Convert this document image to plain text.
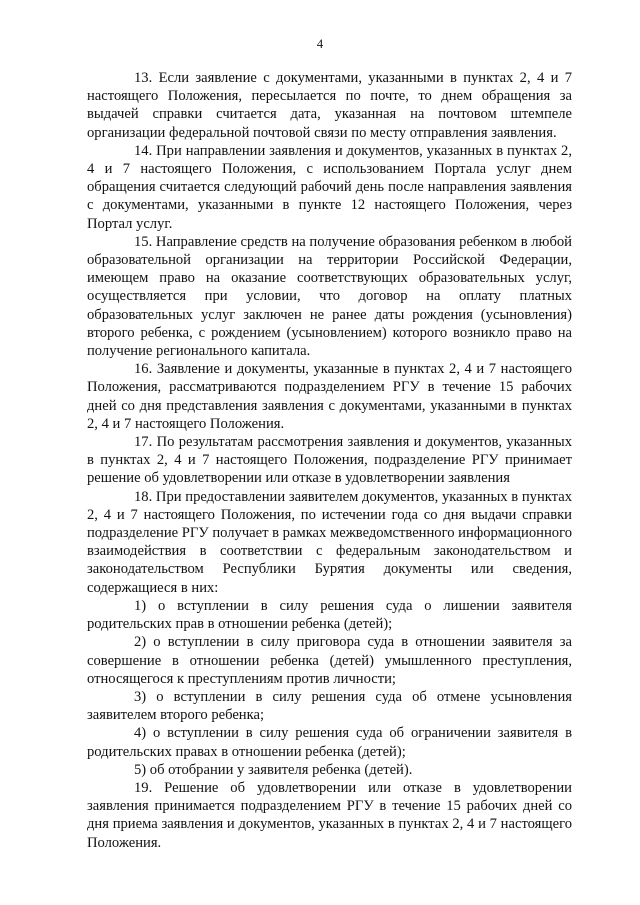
4

13. Если заявление с документами, указанными в пунктах 2, 4 и 7 настоящего Положения, пересылается по почте, то днем обращения за выдачей справки считается дата, указанная на почтовом штемпеле организации федеральной почтовой связи по месту отправления заявления.

14. При направлении заявления и документов, указанных в пунктах 2, 4 и 7 настоящего Положения, с использованием Портала услуг днем обращения считается следующий рабочий день после направления заявления с документами, указанными в пункте 12 настоящего Положения, через Портал услуг.

15. Направление средств на получение образования ребенком в любой образовательной организации на территории Российской Федерации, имеющем право на оказание соответствующих образовательных услуг, осуществляется при условии, что договор на оплату платных образовательных услуг заключен не ранее даты рождения (усыновления) второго ребенка, с рождением (усыновлением) которого возникло право на получение регионального капитала.

16. Заявление и документы, указанные в пунктах 2, 4 и 7 настоящего Положения, рассматриваются подразделением РГУ в течение 15 рабочих дней со дня представления заявления с документами, указанными в пунктах 2, 4 и 7 настоящего Положения.

17. По результатам рассмотрения заявления и документов, указанных в пунктах 2, 4 и 7 настоящего Положения, подразделение РГУ принимает решение об удовлетворении или отказе в удовлетворении заявления

18. При предоставлении заявителем документов, указанных в пунктах 2, 4 и 7 настоящего Положения, по истечении года со дня выдачи справки подразделение РГУ получает в рамках межведомственного информационного взаимодействия в соответствии с федеральным законодательством и законодательством Республики Бурятия документы или сведения, содержащиеся в них:

1) о вступлении в силу решения суда о лишении заявителя родительских прав в отношении ребенка (детей);

2) о вступлении в силу приговора суда в отношении заявителя за совершение в отношении ребенка (детей) умышленного преступления, относящегося к преступлениям против личности;

3) о вступлении в силу решения суда об отмене усыновления заявителем второго ребенка;

4) о вступлении в силу решения суда об ограничении заявителя в родительских правах в отношении ребенка (детей);

5) об отобрании у заявителя ребенка (детей).

19. Решение об удовлетворении или отказе в удовлетворении заявления принимается подразделением РГУ в течение 15 рабочих дней со дня приема заявления и документов, указанных в пунктах 2, 4 и 7 настоящего Положения.
